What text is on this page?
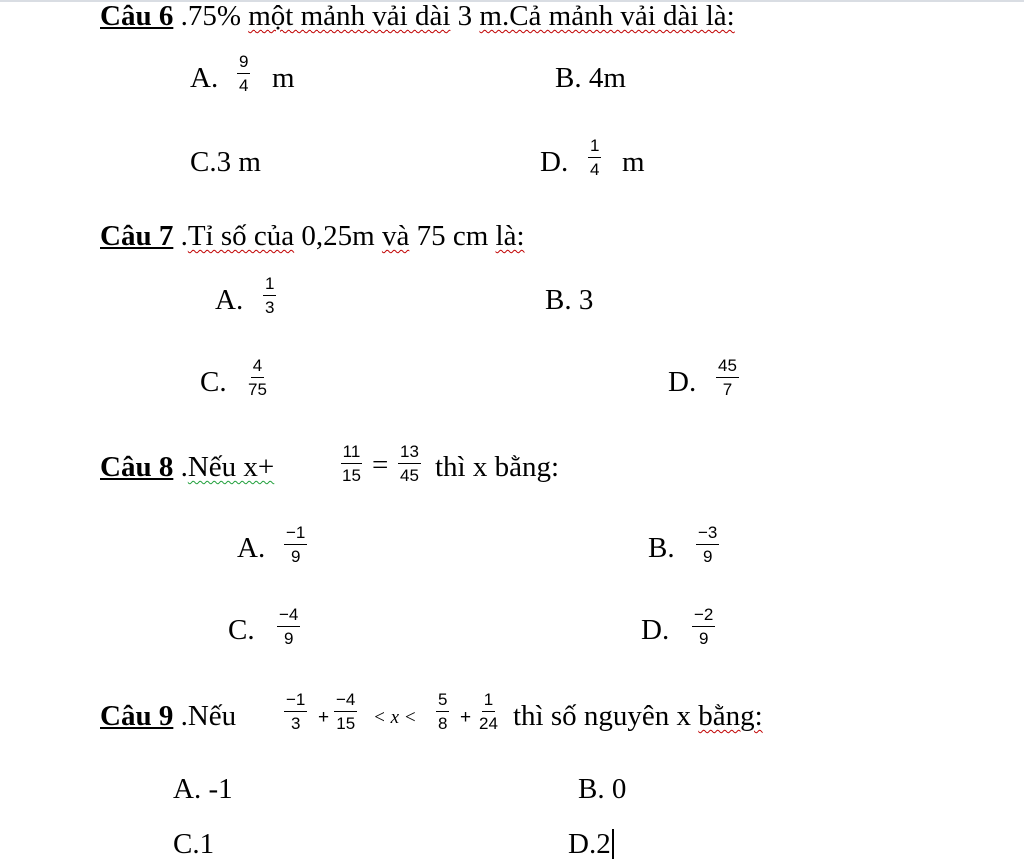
Câu 6 .75% một mảnh vải dài 3 m.Cả mảnh vải dài là:
A. $\frac{9}{4}$ m	B. 4m
C.3 m	D. $\frac{1}{4}$ m
Câu 7 .Tỉ số của 0,25m và 75 cm là:
A. $\frac{1}{3}$	B. 3
C. $\frac{4}{75}$	D. $\frac{45}{7}$
Câu 8 .Nếu x+	$\frac{11}{15} = \frac{13}{45}$ thì x bằng:
A. $\frac{-1}{9}$	B. $\frac{-3}{9}$
C. $\frac{-4}{9}$	D. $\frac{-2}{9}$
Câu 9 .Nếu	$\frac{-1}{3} + \frac{-4}{15} < x < \frac{5}{8} + \frac{1}{24}$ thì số nguyên x bằng:
A. -1	B. 0
C.1	D.2
